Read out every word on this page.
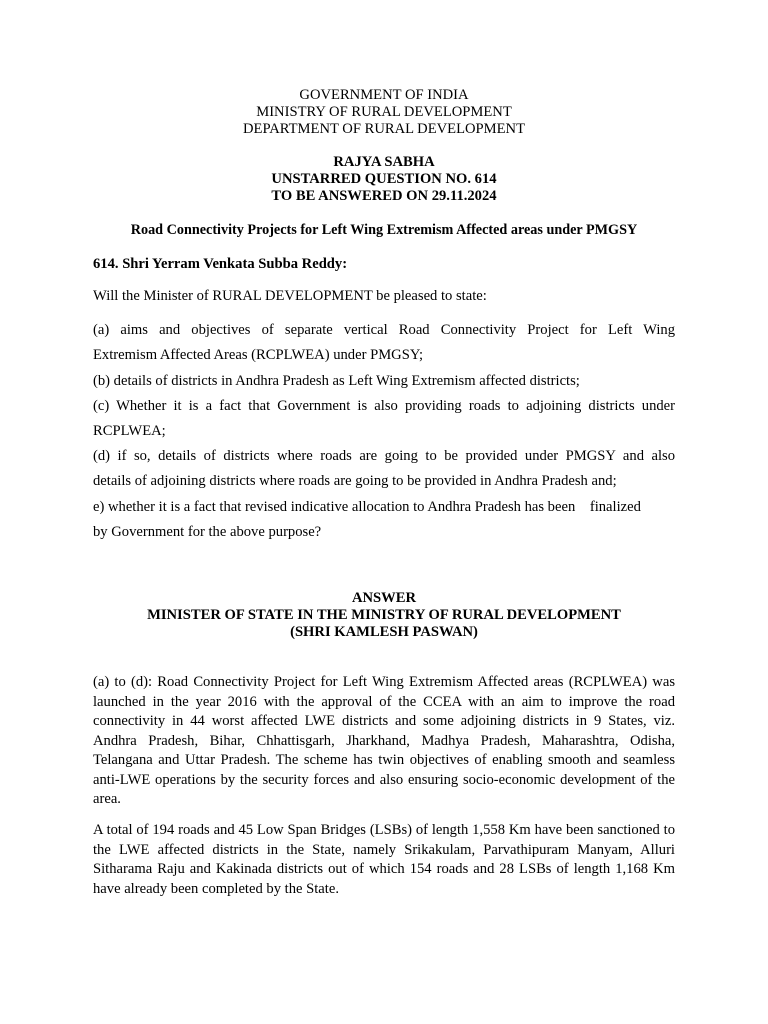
GOVERNMENT OF INDIA
MINISTRY OF RURAL DEVELOPMENT
DEPARTMENT OF RURAL DEVELOPMENT
RAJYA SABHA
UNSTARRED QUESTION NO. 614
TO BE ANSWERED ON 29.11.2024
Road Connectivity Projects for Left Wing Extremism Affected areas under PMGSY
614. Shri Yerram Venkata Subba Reddy:
Will the Minister of RURAL DEVELOPMENT be pleased to state:
(a) aims and objectives of separate vertical Road Connectivity Project for Left Wing
Extremism Affected Areas (RCPLWEA) under PMGSY;
(b) details of districts in Andhra Pradesh as Left Wing Extremism affected districts;
(c) Whether it is a fact that Government is also providing roads to adjoining districts under
RCPLWEA;
(d) if so, details of districts where roads are going to be provided under PMGSY and also
details of adjoining districts where roads are going to be provided in Andhra Pradesh and;
e) whether it is a fact that revised indicative allocation to Andhra Pradesh has been    finalized
by Government for the above purpose?
ANSWER
MINISTER OF STATE IN THE MINISTRY OF RURAL DEVELOPMENT
(SHRI KAMLESH PASWAN)
(a) to (d): Road Connectivity Project for Left Wing Extremism Affected areas (RCPLWEA) was launched in the year 2016 with the approval of the CCEA with an aim to improve the road connectivity in 44 worst affected LWE districts and some adjoining districts in 9 States, viz. Andhra Pradesh, Bihar, Chhattisgarh, Jharkhand, Madhya Pradesh, Maharashtra, Odisha, Telangana and Uttar Pradesh. The scheme has twin objectives of enabling smooth and seamless anti-LWE operations by the security forces and also ensuring socio-economic development of the area.
A total of 194 roads and 45 Low Span Bridges (LSBs) of length 1,558 Km have been sanctioned to the LWE affected districts in the State, namely Srikakulam, Parvathipuram Manyam, Alluri Sitharama Raju and Kakinada districts out of which 154 roads and 28 LSBs of length 1,168 Km have already been completed by the State.
